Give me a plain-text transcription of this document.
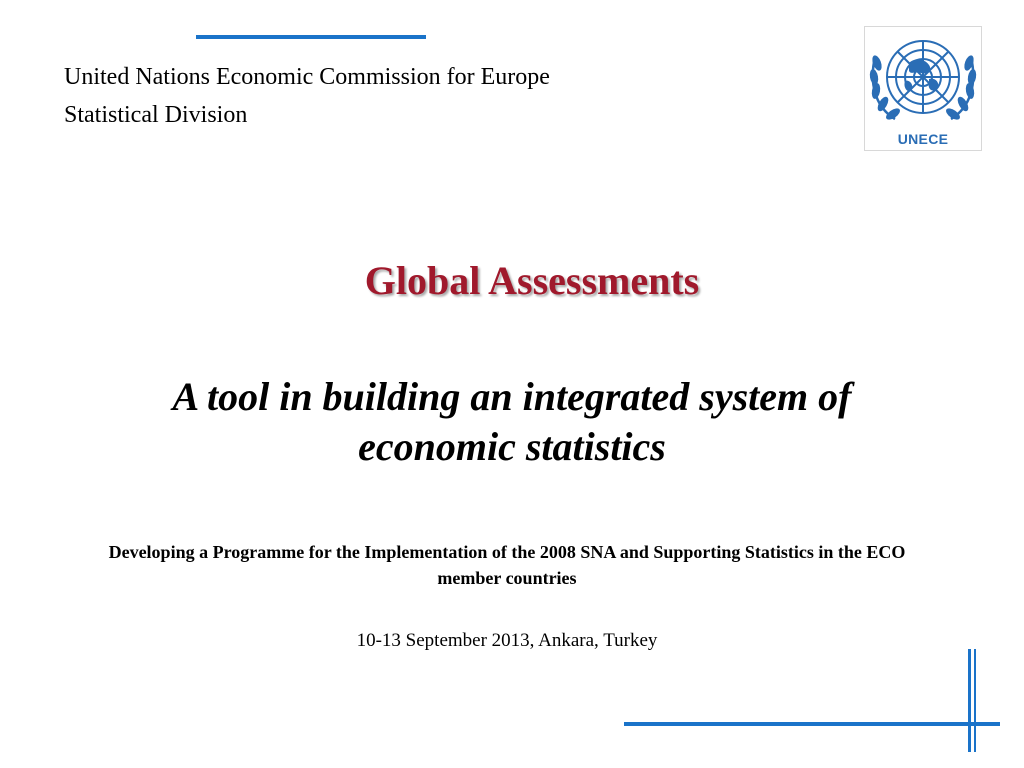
United Nations Economic Commission for Europe
Statistical Division
UNECE
Global Assessments
A tool in building an integrated system of economic statistics
Developing a Programme for the Implementation of the 2008 SNA and Supporting Statistics in the ECO member countries
10-13 September 2013, Ankara, Turkey
